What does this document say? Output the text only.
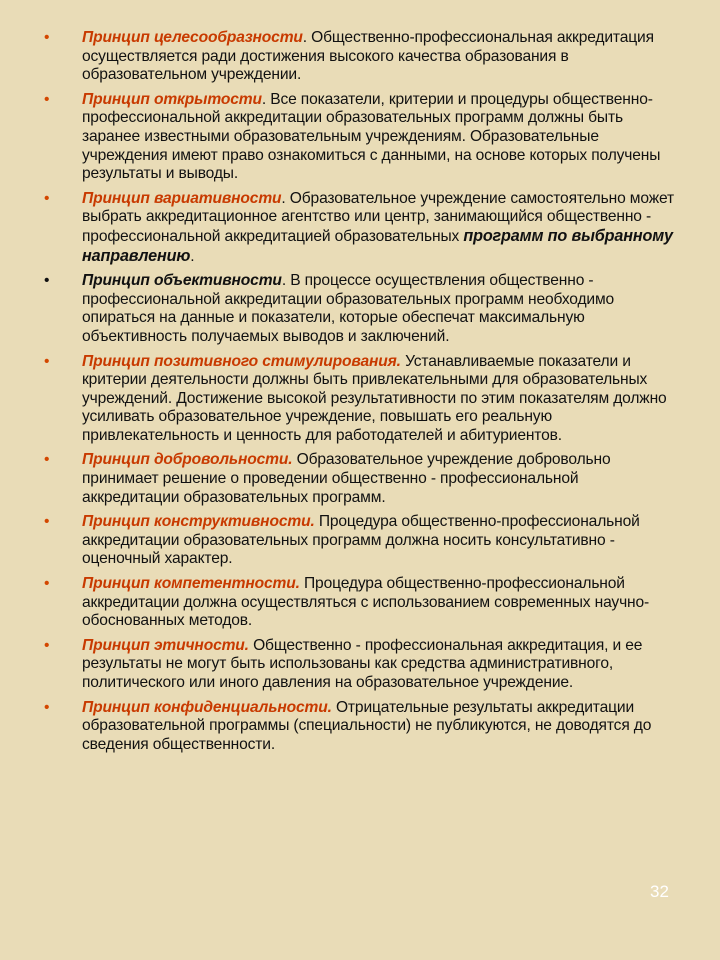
• Принцип целесообразности. Общественно-профессиональная аккредитация осуществляется ради достижения высокого качества образования в образовательном учреждении.
• Принцип открытости. Все показатели, критерии и процедуры общественно-профессиональной аккредитации образовательных программ должны быть заранее известными образовательным учреждениям. Образовательные учреждения имеют право ознакомиться с данными, на основе которых получены результаты и выводы.
• Принцип вариативности. Образовательное учреждение самостоятельно может выбрать аккредитационное агентство или центр, занимающийся общественно - профессиональной аккредитацией образовательных программ по выбранному направлению.
• Принцип объективности. В процессе осуществления общественно - профессиональной аккредитации образовательных программ необходимо опираться на данные и показатели, которые обеспечат максимальную объективность получаемых выводов и заключений.
• Принцип позитивного стимулирования. Устанавливаемые показатели и критерии деятельности должны быть привлекательными для образовательных учреждений. Достижение высокой результативности по этим показателям должно усиливать образовательное учреждение, повышать его реальную привлекательность и ценность для работодателей и абитуриентов.
• Принцип добровольности. Образовательное учреждение добровольно принимает решение о проведении общественно - профессиональной аккредитации образовательных программ.
• Принцип конструктивности. Процедура общественно-профессиональной аккредитации образовательных программ должна носить консультативно - оценочный характер.
• Принцип компетентности. Процедура общественно-профессиональной аккредитации должна осуществляться с использованием современных научно-обоснованных методов.
• Принцип этичности. Общественно - профессиональная аккредитация, и ее результаты не могут быть использованы как средства административного, политического или иного давления на образовательное учреждение.
• Принцип конфиденциальности. Отрицательные результаты аккредитации образовательной программы (специальности) не публикуются, не доводятся до сведения общественности.
32
